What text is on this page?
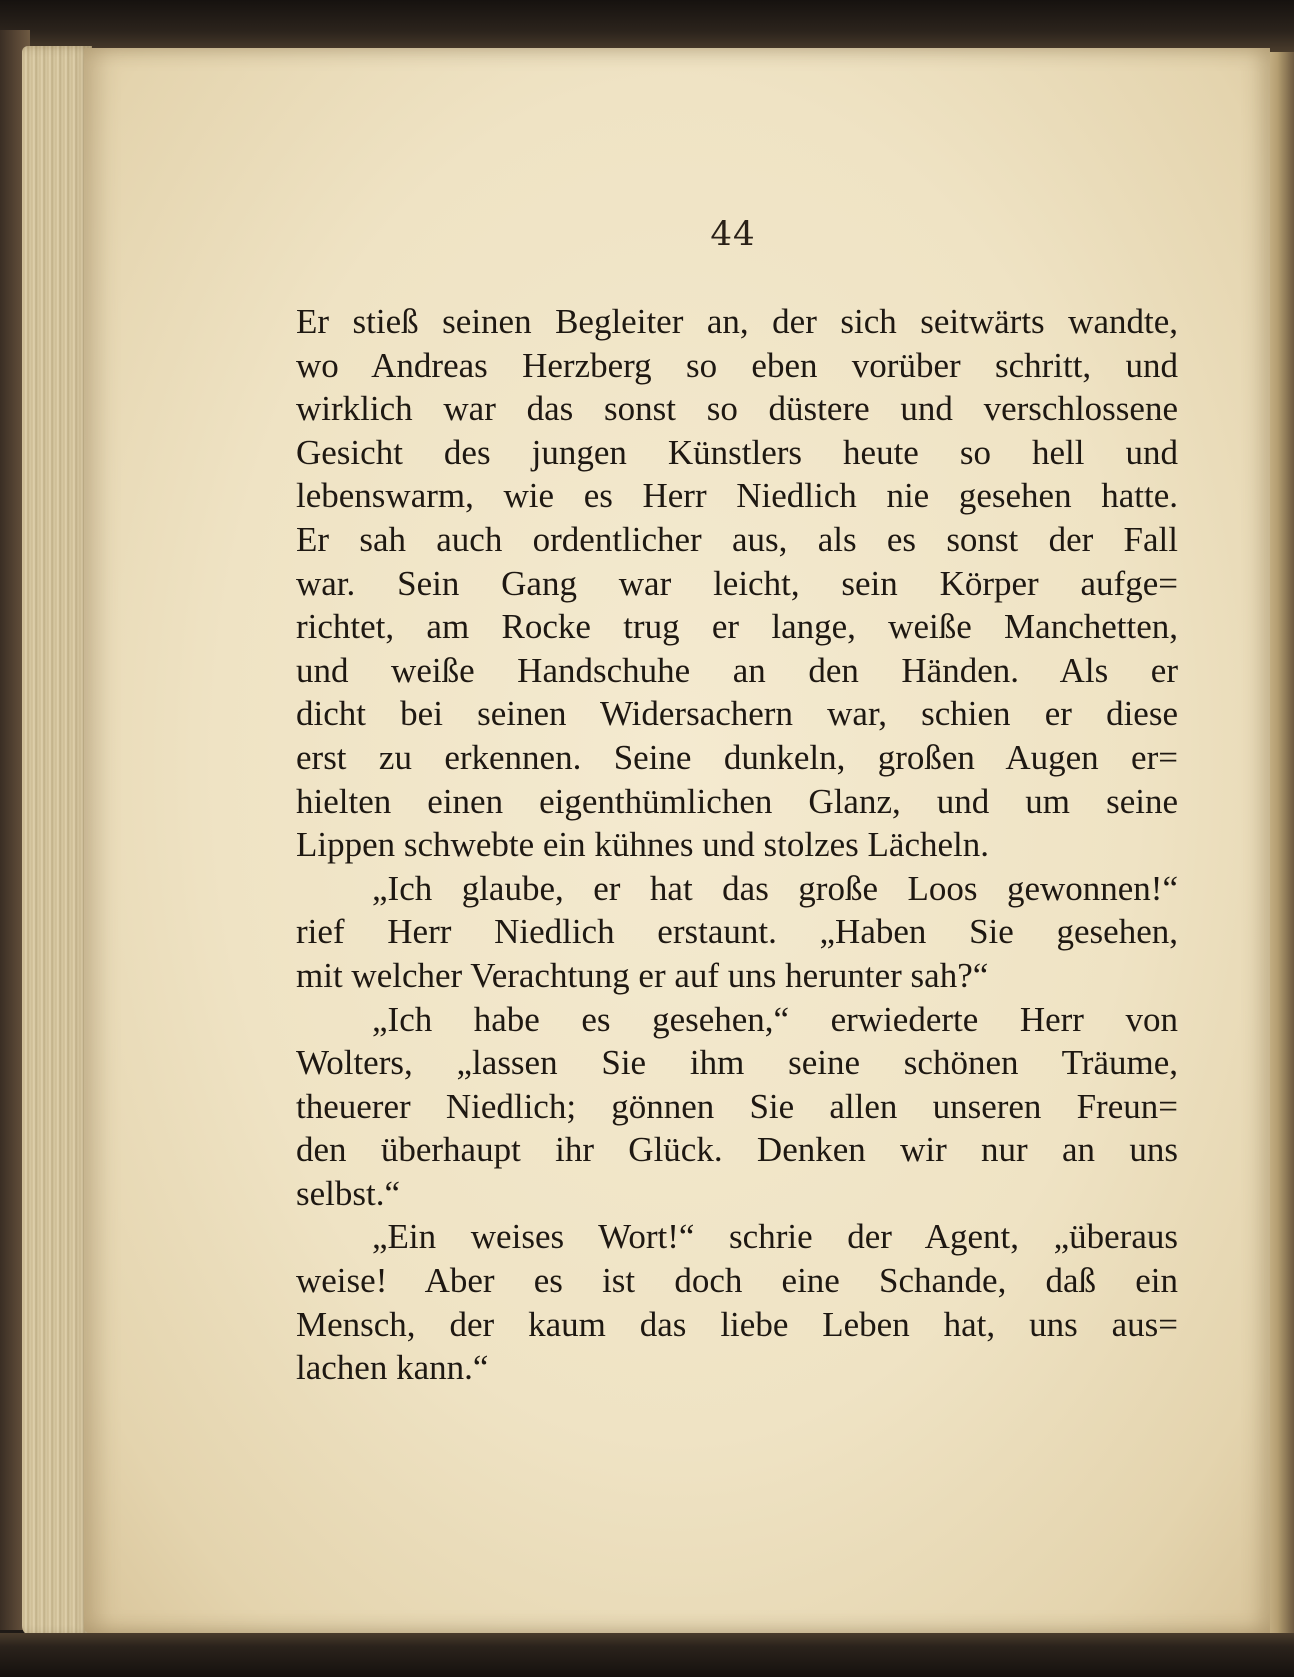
44
Er stieß seinen Begleiter an, der sich seitwärts wandte,
wo Andreas Herzberg so eben vorüber schritt, und
wirklich war das sonst so düstere und verschlossene
Gesicht des jungen Künstlers heute so hell und
lebenswarm, wie es Herr Niedlich nie gesehen hatte.
Er sah auch ordentlicher aus, als es sonst der Fall
war. Sein Gang war leicht, sein Körper aufge=
richtet, am Rocke trug er lange, weiße Manchetten,
und weiße Handschuhe an den Händen. Als er
dicht bei seinen Widersachern war, schien er diese
erst zu erkennen. Seine dunkeln, großen Augen er=
hielten einen eigenthümlichen Glanz, und um seine
Lippen schwebte ein kühnes und stolzes Lächeln.
„Ich glaube, er hat das große Loos gewonnen!“
rief Herr Niedlich erstaunt. „Haben Sie gesehen,
mit welcher Verachtung er auf uns herunter sah?“
„Ich habe es gesehen,“ erwiederte Herr von
Wolters, „lassen Sie ihm seine schönen Träume,
theuerer Niedlich; gönnen Sie allen unseren Freun=
den überhaupt ihr Glück. Denken wir nur an uns
selbst.“
„Ein weises Wort!“ schrie der Agent, „überaus
weise! Aber es ist doch eine Schande, daß ein
Mensch, der kaum das liebe Leben hat, uns aus=
lachen kann.“
